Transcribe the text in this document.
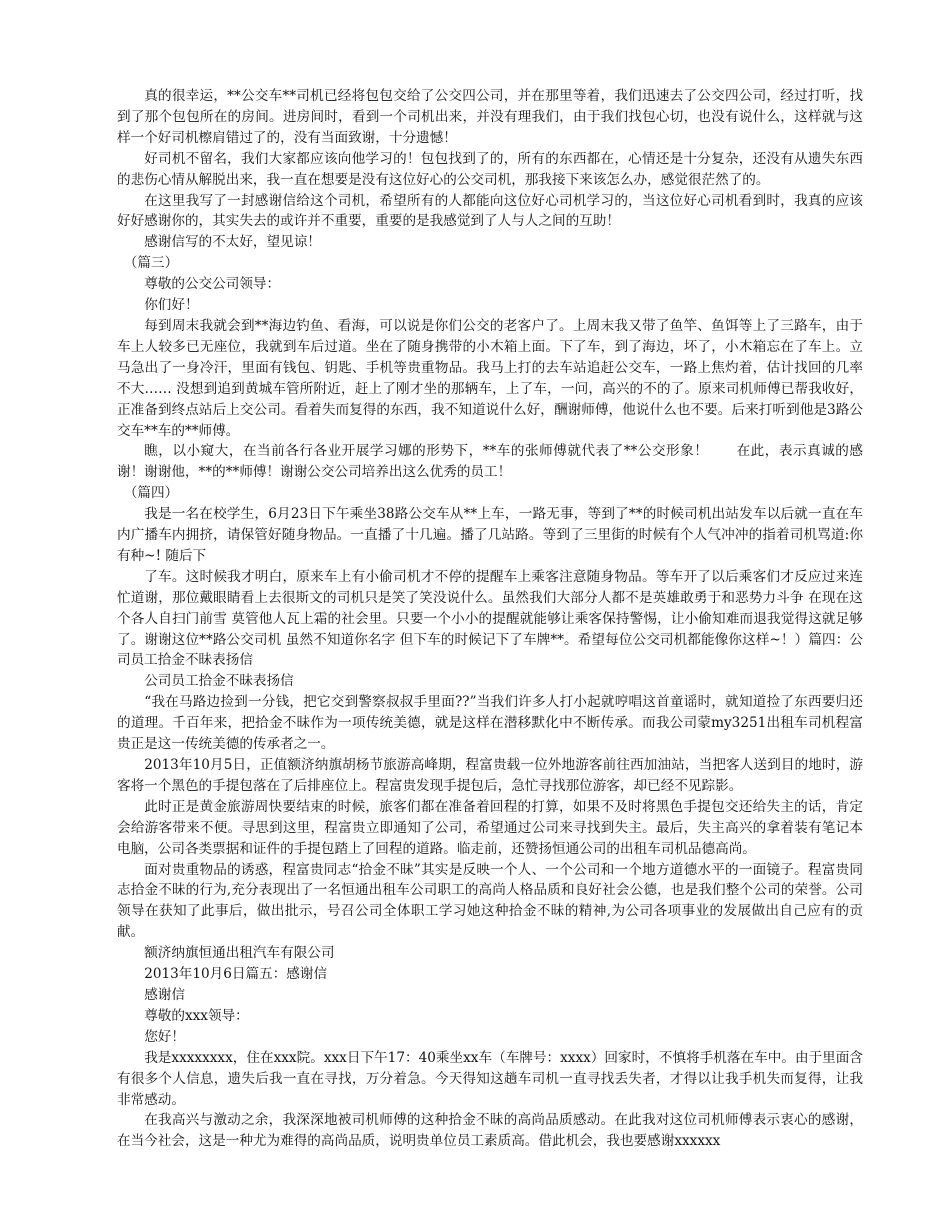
真的很幸运，**公交车**司机已经将包包交给了公交四公司，并在那里等着，我们迅速去了公交四公司，经过打听，找到了那个包包所在的房间。进房间时，看到一个司机出来，并没有理我们，由于我们找包心切，也没有说什么，这样就与这样一个好司机檫肩错过了的，没有当面致谢，十分遗憾！

好司机不留名，我们大家都应该向他学习的！包包找到了的，所有的东西都在，心情还是十分复杂，还没有从遗失东西的悲伤心情从解脱出来，我一直在想要是没有这位好心的公交司机，那我接下来该怎么办，感觉很茫然了的。

在这里我写了一封感谢信给这个司机，希望所有的人都能向这位好心司机学习的，当这位好心司机看到时，我真的应该好好感谢你的，其实失去的或许并不重要，重要的是我感觉到了人与人之间的互助！

感谢信写的不太好，望见谅！

（篇三）

尊敬的公交公司领导：

你们好！

每到周末我就会到**海边钓鱼、看海，可以说是你们公交的老客户了。上周末我又带了鱼竿、鱼饵等上了三路车，由于车上人较多已无座位，我就到车后过道。坐在了随身携带的小木箱上面。下了车，到了海边，坏了，小木箱忘在了车上。立马急出了一身冷汗，里面有钱包、钥匙、手机等贵重物品。我马上打的去车站追赶公交车，一路上焦灼着，估计找回的几率不大…… 没想到追到黄城车管所附近，赶上了刚才坐的那辆车，上了车，一问，高兴的不的了。原来司机师傅已帮我收好，正准备到终点站后上交公司。看着失而复得的东西，我不知道说什么好，酬谢师傅，他说什么也不要。后来打听到他是3路公交车**车的**师傅。

瞧，以小窥大，在当前各行各业开展学习娜的形势下，**车的张师傅就代表了**公交形象！　　在此，表示真诚的感谢！谢谢他，**的**师傅！谢谢公交公司培养出这么优秀的员工！

（篇四）

我是一名在校学生，6月23日下午乘坐38路公交车从**上车，一路无事，等到了**的时候司机出站发车以后就一直在车内广播车内拥挤，请保管好随身物品。一直播了十几遍。播了几站路。等到了三里街的时候有个人气冲冲的指着司机骂道:你有种~! 随后下

了车。这时候我才明白，原来车上有小偷司机才不停的提醒车上乘客注意随身物品。等车开了以后乘客们才反应过来连忙道谢，那位戴眼睛看上去很斯文的司机只是笑了笑没说什么。虽然我们大部分人都不是英雄敢勇于和恶势力斗争 在现在这个各人自扫门前雪 莫管他人瓦上霜的社会里。只要一个小小的提醒就能够让乘客保持警惕，让小偷知难而退我觉得这就足够了。谢谢这位**路公交司机 虽然不知道你名字 但下车的时候记下了车牌**。希望每位公交司机都能像你这样~！）篇四：公司员工拾金不昧表扬信

公司员工拾金不昧表扬信

“我在马路边捡到一分钱，把它交到警察叔叔手里面??”当我们许多人打小起就哼唱这首童谣时，就知道捡了东西要归还的道理。千百年来，把拾金不昧作为一项传统美德，就是这样在潜移默化中不断传承。而我公司蒙my3251出租车司机程富贵正是这一传统美德的传承者之一。

2013年10月5日，正值额济纳旗胡杨节旅游高峰期，程富贵载一位外地游客前往西加油站，当把客人送到目的地时，游客将一个黑色的手提包落在了后排座位上。程富贵发现手提包后，急忙寻找那位游客，却已经不见踪影。

此时正是黄金旅游周快要结束的时候，旅客们都在准备着回程的打算，如果不及时将黑色手提包交还给失主的话，肯定会给游客带来不便。寻思到这里，程富贵立即通知了公司，希望通过公司来寻找到失主。最后，失主高兴的拿着装有笔记本电脑，公司各类票据和证件的手提包踏上了回程的道路。临走前，还赞扬恒通公司的出租车司机品德高尚。

面对贵重物品的诱惑，程富贵同志“拾金不昧”其实是反映一个人、一个公司和一个地方道德水平的一面镜子。程富贵同志拾金不昧的行为,充分表现出了一名恒通出租车公司职工的高尚人格品质和良好社会公德，也是我们整个公司的荣誉。公司领导在获知了此事后，做出批示，号召公司全体职工学习她这种拾金不昧的精神,为公司各项事业的发展做出自己应有的贡献。

额济纳旗恒通出租汽车有限公司

2013年10月6日篇五：感谢信

感谢信

尊敬的xxx领导：

您好！

我是xxxxxxxx，住在xxx院。xxx日下午17：40乘坐xx车（车牌号：xxxx）回家时，不慎将手机落在车中。由于里面含有很多个人信息，遗失后我一直在寻找，万分着急。今天得知这趟车司机一直寻找丢失者，才得以让我手机失而复得，让我非常感动。

在我高兴与激动之余，我深深地被司机师傅的这种拾金不昧的高尚品质感动。在此我对这位司机师傅表示衷心的感谢，在当今社会，这是一种尤为难得的高尚品质，说明贵单位员工素质高。借此机会，我也要感谢xxxxxx
